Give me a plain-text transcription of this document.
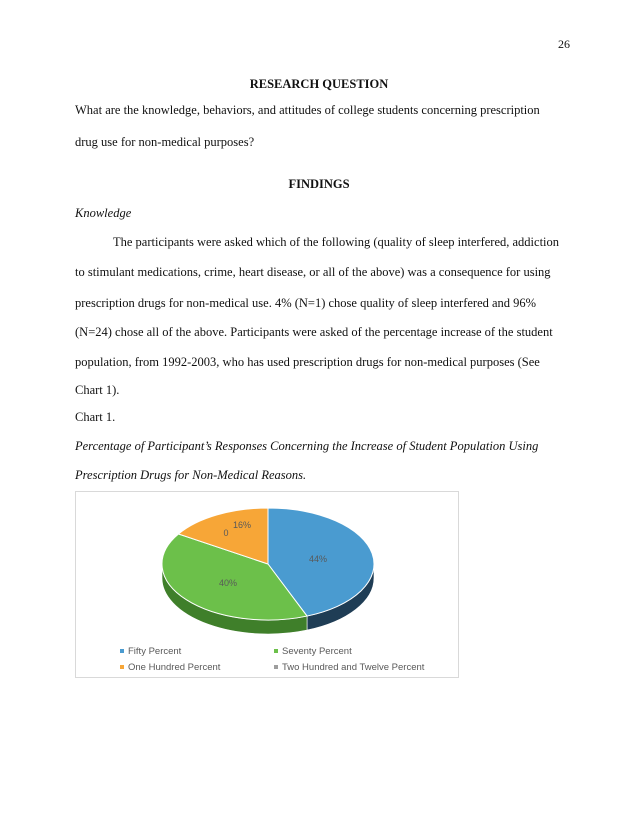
26
RESEARCH QUESTION
What are the knowledge, behaviors, and attitudes of college students concerning prescription
drug use for non-medical purposes?
FINDINGS
Knowledge
The participants were asked which of the following (quality of sleep interfered, addiction
to stimulant medications, crime, heart disease, or all of the above) was a consequence for using
prescription drugs for non-medical use. 4% (N=1) chose quality of sleep interfered and 96%
(N=24) chose all of the above. Participants were asked of the percentage increase of the student
population, from 1992-2003, who has used prescription drugs for non-medical purposes (See
Chart 1).
Chart 1.
Percentage of Participant’s Responses Concerning the Increase of Student Population Using
Prescription Drugs for Non-Medical Reasons.
44%
40%
16%
0
Fifty Percent	Seventy Percent
One Hundred Percent	Two Hundred and Twelve Percent
